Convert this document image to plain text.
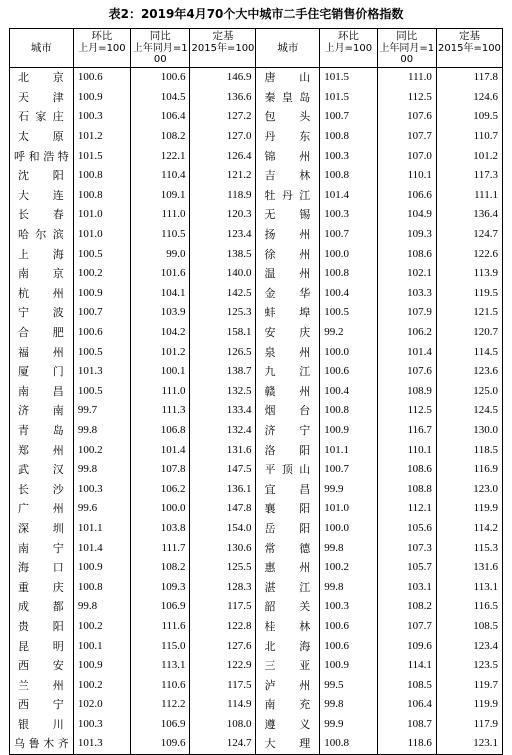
表2：2019年4月70个大中城市二手住宅销售价格指数
城市	环比	同比	定基	城市	环比	同比	定基
	上月=100	上年同月=100	2015年=100		上月=100	上年同月=100	2015年=100
北京	100.6	100.6	146.9	唐山	101.5	111.0	117.8
天津	100.9	104.5	136.6	秦皇岛	101.5	112.5	124.6
石家庄	100.3	106.4	127.2	包头	100.7	107.6	109.5
太原	101.2	108.2	127.0	丹东	100.8	107.7	110.7
呼和浩特	101.5	122.1	126.4	锦州	100.3	107.0	101.2
沈阳	100.8	110.4	121.2	吉林	100.8	110.1	117.3
大连	100.8	109.1	118.9	牡丹江	101.4	106.6	111.1
长春	101.0	111.0	120.3	无锡	100.3	104.9	136.4
哈尔滨	101.0	110.5	123.4	扬州	100.7	109.3	124.7
上海	100.5	99.0	138.5	徐州	100.0	108.6	122.6
南京	100.2	101.6	140.0	温州	100.8	102.1	113.9
杭州	100.9	104.1	142.5	金华	100.4	103.3	119.5
宁波	100.7	103.9	125.3	蚌埠	100.5	107.9	121.5
合肥	100.6	104.2	158.1	安庆	99.2	106.2	120.7
福州	100.5	101.2	126.5	泉州	100.0	101.4	114.5
厦门	101.3	100.1	138.7	九江	100.6	107.6	123.6
南昌	100.5	111.0	132.5	赣州	100.4	108.9	125.0
济南	99.7	111.3	133.4	烟台	100.8	112.5	124.5
青岛	99.8	106.8	132.4	济宁	100.9	116.7	130.0
郑州	100.2	101.4	131.6	洛阳	101.1	110.1	118.5
武汉	99.8	107.8	147.5	平顶山	100.7	108.6	116.9
长沙	100.3	106.2	136.1	宜昌	99.9	108.8	123.0
广州	99.6	100.0	147.8	襄阳	101.0	112.1	119.9
深圳	101.1	103.8	154.0	岳阳	100.0	105.6	114.2
南宁	101.4	111.7	130.6	常德	99.8	107.3	115.3
海口	100.9	108.2	125.5	惠州	100.2	105.7	131.6
重庆	100.8	109.3	128.3	湛江	99.8	103.1	113.1
成都	99.8	106.9	117.5	韶关	100.3	108.2	116.5
贵阳	100.2	111.6	122.8	桂林	100.6	107.7	108.5
昆明	100.1	115.0	127.6	北海	100.6	109.6	123.4
西安	100.9	113.1	122.9	三亚	100.9	114.1	123.5
兰州	100.2	110.6	117.5	泸州	99.5	108.5	119.7
西宁	102.0	112.2	114.9	南充	99.8	106.4	119.9
银川	100.3	106.9	108.0	遵义	99.9	108.7	117.9
乌鲁木齐	101.3	109.6	124.7	大理	100.8	118.6	123.1
